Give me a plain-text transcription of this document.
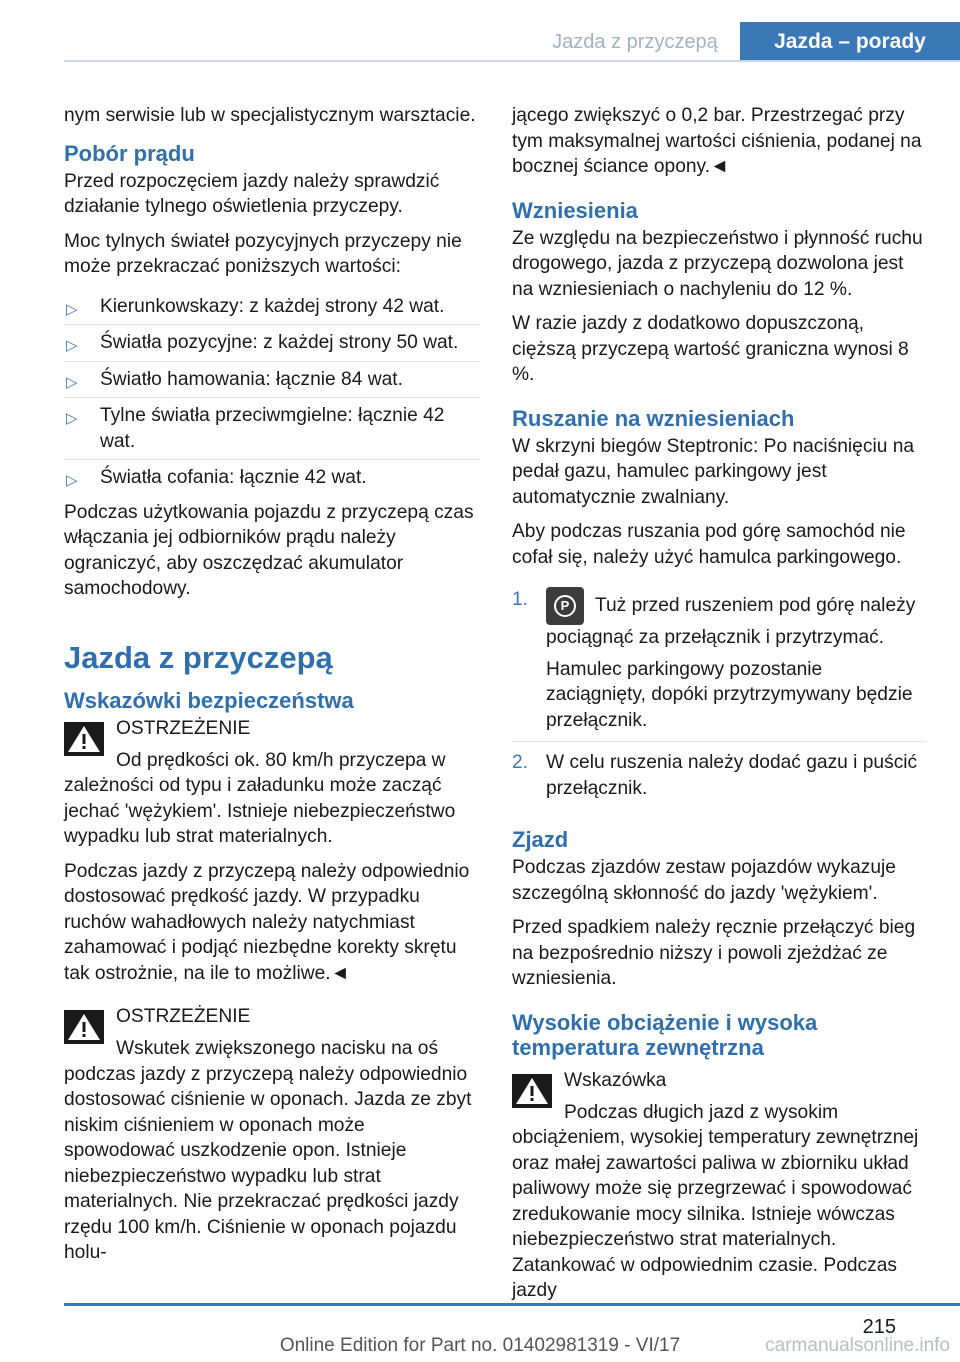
Jazda z przyczepą	Jazda – porady

nym serwisie lub w specjalistycznym warsztacie.

Pobór prądu

Przed rozpoczęciem jazdy należy sprawdzić działanie tylnego oświetlenia przyczepy.

Moc tylnych świateł pozycyjnych przyczepy nie może przekraczać poniższych wartości:

▷ Kierunkowskazy: z każdej strony 42 wat.
▷ Światła pozycyjne: z każdej strony 50 wat.
▷ Światło hamowania: łącznie 84 wat.
▷ Tylne światła przeciwmgielne: łącznie 42 wat.
▷ Światła cofania: łącznie 42 wat.

Podczas użytkowania pojazdu z przyczepą czas włączania jej odbiorników prądu należy ograniczyć, aby oszczędzać akumulator samochodowy.

Jazda z przyczepą
Wskazówki bezpieczeństwa
OSTRZEŻENIE

Od prędkości ok. 80 km/h przyczepa w zależności od typu i załadunku może zacząć jechać 'wężykiem'. Istnieje niebezpieczeństwo wypadku lub strat materialnych.

Podczas jazdy z przyczepą należy odpowiednio dostosować prędkość jazdy. W przypadku ruchów wahadłowych należy natychmiast zahamować i podjąć niezbędne korekty skrętu tak ostrożnie, na ile to możliwe.◄

OSTRZEŻENIE

Wskutek zwiększonego nacisku na oś podczas jazdy z przyczepą należy odpowiednio dostosować ciśnienie w oponach. Jazda ze zbyt niskim ciśnieniem w oponach może spowodować uszkodzenie opon. Istnieje niebezpieczeństwo wypadku lub strat materialnych. Nie przekraczać prędkości jazdy rzędu 100 km/h. Ciśnienie w oponach pojazdu holu-

jącego zwiększyć o 0,2 bar. Przestrzegać przy tym maksymalnej wartości ciśnienia, podanej na bocznej ściance opony.◄

Wzniesienia

Ze względu na bezpieczeństwo i płynność ruchu drogowego, jazda z przyczepą dozwolona jest na wzniesieniach o nachyleniu do 12 %.

W razie jazdy z dodatkowo dopuszczoną, cięższą przyczepą wartość graniczna wynosi 8 %.

Ruszanie na wzniesieniach

W skrzyni biegów Steptronic: Po naciśnięciu na pedał gazu, hamulec parkingowy jest automatycznie zwalniany.

Aby podczas ruszania pod górę samochód nie cofał się, należy użyć hamulca parkingowego.

1.	P	Tuż przed ruszeniem pod górę należy pociągnąć za przełącznik i przytrzymać.

Hamulec parkingowy pozostanie zaciągnięty, dopóki przytrzymywany będzie przełącznik.

2. W celu ruszenia należy dodać gazu i puścić przełącznik.
Zjazd

Podczas zjazdów zestaw pojazdów wykazuje szczególną skłonność do jazdy 'wężykiem'.

Przed spadkiem należy ręcznie przełączyć bieg na bezpośrednio niższy i powoli zjeżdżać ze wzniesienia.

Wysokie obciążenie i wysoka temperatura zewnętrzna
Wskazówka

Podczas długich jazd z wysokim obciążeniem, wysokiej temperatury zewnętrznej oraz małej zawartości paliwa w zbiorniku układ paliwowy może się przegrzewać i spowodować zredukowanie mocy silnika. Istnieje wówczas niebezpieczeństwo strat materialnych. Zatankować w odpowiednim czasie. Podczas jazdy

215
Online Edition for Part no. 01402981319 - VI/17	carmanualsonline.info
